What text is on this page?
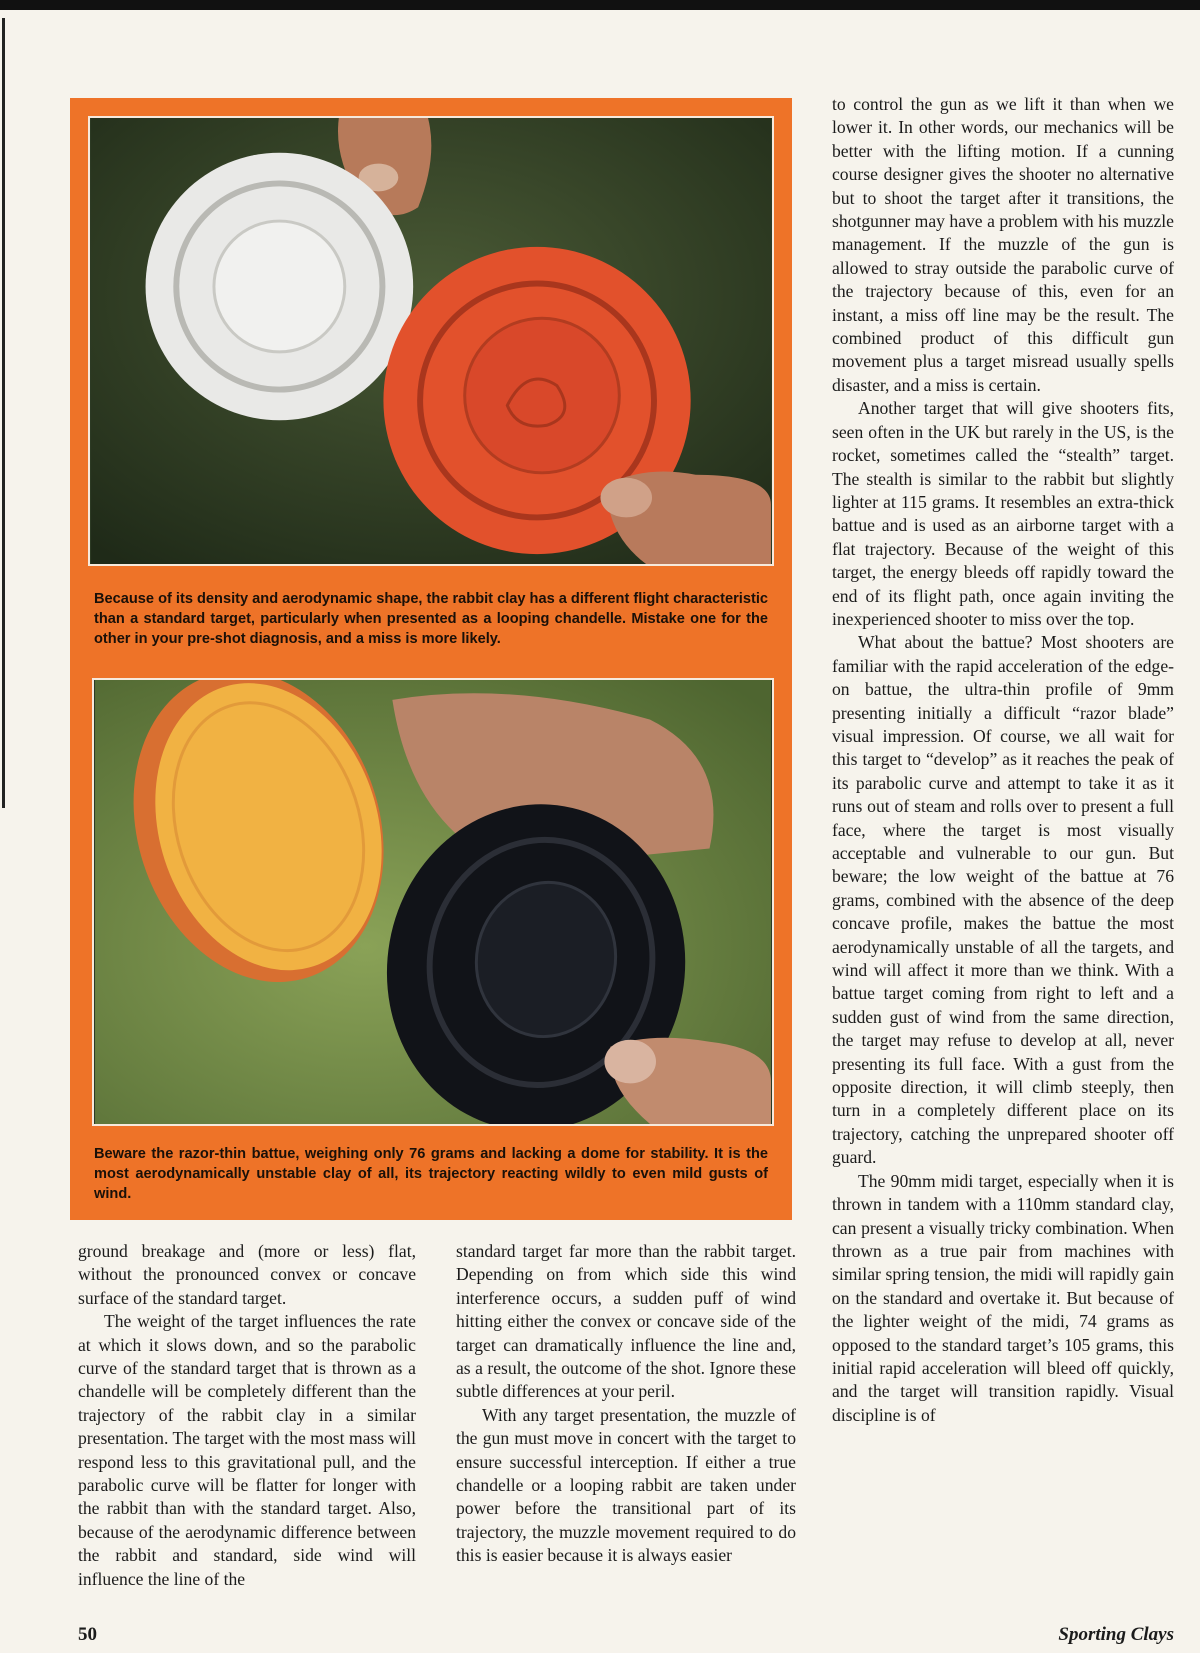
Because of its density and aerodynamic shape, the rabbit clay has a different flight characteristic than a standard target, particularly when presented as a looping chandelle. Mistake one for the other in your pre-shot diagnosis, and a miss is more likely.

Beware the razor-thin battue, weighing only 76 grams and lacking a dome for stability. It is the most aerodynamically unstable clay of all, its trajectory reacting wildly to even mild gusts of wind.

to control the gun as we lift it than when we lower it. In other words, our mechanics will be better with the lifting motion. If a cunning course designer gives the shooter no alternative but to shoot the target after it transitions, the shotgunner may have a problem with his muzzle management. If the muzzle of the gun is allowed to stray outside the parabolic curve of the trajectory because of this, even for an instant, a miss off line may be the result. The combined product of this difficult gun movement plus a target misread usually spells disaster, and a miss is certain.

Another target that will give shooters fits, seen often in the UK but rarely in the US, is the rocket, sometimes called the “stealth” target. The stealth is similar to the rabbit but slightly lighter at 115 grams. It resembles an extra-thick battue and is used as an airborne target with a flat trajectory. Because of the weight of this target, the energy bleeds off rapidly toward the end of its flight path, once again inviting the inexperienced shooter to miss over the top.

What about the battue? Most shooters are familiar with the rapid acceleration of the edge-on battue, the ultra-thin profile of 9mm presenting initially a difficult “razor blade” visual impression. Of course, we all wait for this target to “develop” as it reaches the peak of its parabolic curve and attempt to take it as it runs out of steam and rolls over to present a full face, where the target is most visually acceptable and vulnerable to our gun. But beware; the low weight of the battue at 76 grams, combined with the absence of the deep concave profile, makes the battue the most aerodynamically unstable of all the targets, and wind will affect it more than we think. With a battue target coming from right to left and a sudden gust of wind from the same direction, the target may refuse to develop at all, never presenting its full face. With a gust from the opposite direction, it will climb steeply, then turn in a completely different place on its trajectory, catching the unprepared shooter off guard.

The 90mm midi target, especially when it is thrown in tandem with a 110mm standard clay, can present a visually tricky combination. When thrown as a true pair from machines with similar spring tension, the midi will rapidly gain on the standard and overtake it. But because of the lighter weight of the midi, 74 grams as opposed to the standard target’s 105 grams, this initial rapid acceleration will bleed off quickly, and the target will transition rapidly. Visual discipline is of

ground breakage and (more or less) flat, without the pronounced convex or concave surface of the standard target.

The weight of the target influences the rate at which it slows down, and so the parabolic curve of the standard target that is thrown as a chandelle will be completely different than the trajectory of the rabbit clay in a similar presentation. The target with the most mass will respond less to this gravitational pull, and the parabolic curve will be flatter for longer with the rabbit than with the standard target. Also, because of the aerodynamic difference between the rabbit and standard, side wind will influence the line of the

standard target far more than the rabbit target. Depending on from which side this wind interference occurs, a sudden puff of wind hitting either the convex or concave side of the target can dramatically influence the line and, as a result, the outcome of the shot. Ignore these subtle differences at your peril.

With any target presentation, the muzzle of the gun must move in concert with the target to ensure successful interception. If either a true chandelle or a looping rabbit are taken under power before the transitional part of its trajectory, the muzzle movement required to do this is easier because it is always easier

50	Sporting Clays
